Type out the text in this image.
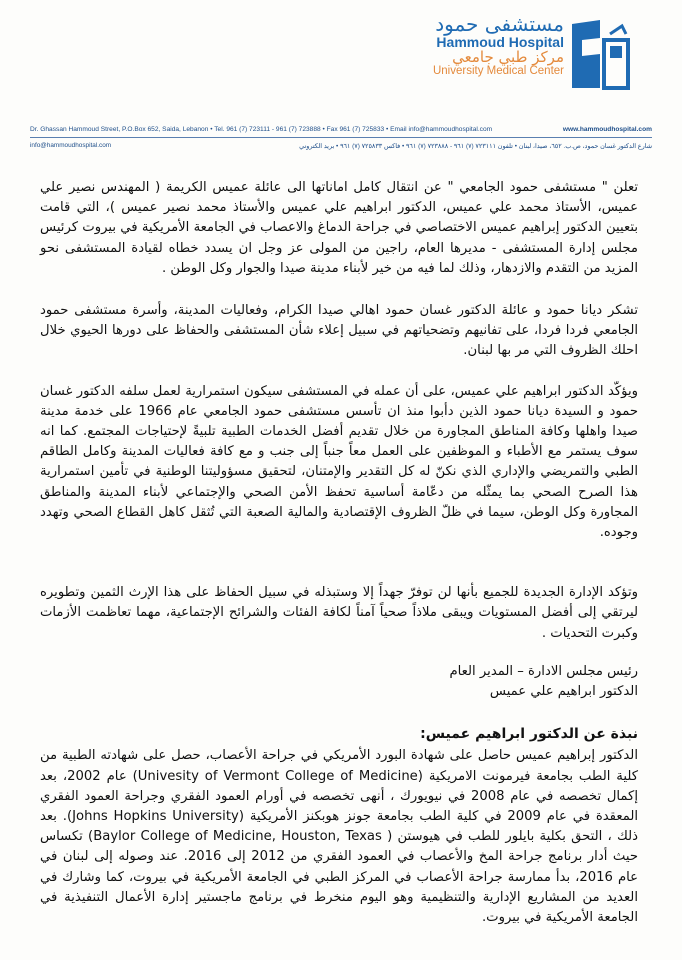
مستشفى حمود
Hammoud Hospital
مركز طبي جامعي
University Medical Center
Dr. Ghassan Hammoud Street, P.O.Box 652, Saida, Lebanon • Tel. 961 (7) 723111 - 961 (7) 723888 • Fax 961 (7) 725833 • Email info@hammoudhospital.com	www.hammoudhospital.com
info@hammoudhospital.com	شارع الدكتور غسان حمود، ص.ب. ٦٥٢، صيدا، لبنان • تلفون ٧٢٣١١١ (٧) ٩٦١ - ٧٢٣٨٨٨ (٧) ٩٦١ • فاكس ٧٢٥٨٣٣ (٧) ٩٦١ • بريد الكتروني

تعلن " مستشفى حمود الجامعي " عن انتقال كامل اماناتها الى عائلة عميس الكريمة ( المهندس نصير علي عميس، الأستاذ محمد علي عميس، الدكتور ابراهيم علي عميس والأستاذ محمد نصير عميس )، التي قامت بتعيين الدكتور إبراهيم عميس الاختصاصي في جراحة الدماغ والاعصاب في الجامعة الأمريكية في بيروت كرئيس مجلس إدارة المستشفى - مديرها العام، راجين من المولى عز وجل ان يسدد خطاه لقيادة المستشفى نحو المزيد من التقدم والازدهار، وذلك لما فيه من خير لأبناء مدينة صيدا والجوار وكل الوطن .

تشكر ديانا حمود و عائلة الدكتور غسان حمود اهالي صيدا الكرام، وفعاليات المدينة، وأسرة مستشفى حمود الجامعي فردا فردا، على تفانيهم وتضحياتهم في سبيل إعلاء شأن المستشفى والحفاظ على دورها الحيوي خلال احلك الظروف التي مر بها لبنان.

ويؤكّد الدكتور ابراهيم علي عميس، على أن عمله في المستشفى سيكون استمرارية لعمل سلفه الدكتور غسان حمود و السيدة ديانا حمود الذين دأبوا منذ ان تأسس مستشفى حمود الجامعي عام 1966 على خدمة مدينة صيدا واهلها وكافة المناطق المجاورة من خلال تقديم أفضل الخدمات الطبية تلبيةً لإحتياجات المجتمع. كما انه سوف يستمر مع الأطباء و الموظفين على العمل معاً جنباً إلى جنب و مع كافة فعاليات المدينة وكامل الطاقم الطبي والتمريضي والإداري الذي نكنّ له كل التقدير والإمتنان، لتحقيق مسؤوليتنا الوطنية في تأمين استمرارية هذا الصرح الصحي بما يمثّله من دعّامة أساسية تحفظ الأمن الصحي والإجتماعي لأبناء المدينة والمناطق المجاورة وكل الوطن، سيما في ظلّ الظروف الإقتصادية والمالية الصعبة التي تُثقل كاهل القطاع الصحي وتهدد وجوده.

وتؤكد الإدارة الجديدة للجميع بأنها لن توفرّ جهداً إلا وستبذله في سبيل الحفاظ على هذا الإرث الثمين وتطويره ليرتقي إلى أفضل المستويات ويبقى ملاذاً صحياً آمناً لكافة الفئات والشرائح الإجتماعية، مهما تعاظمت الأزمات وكبرت التحديات .

رئيس مجلس الادارة – المدير العام

الدكتور ابراهيم علي عميس

نبذة عن الدكتور ابراهيم عميس:

الدكتور إبراهيم عميس حاصل على شهادة البورد الأمريكي في جراحة الأعصاب، حصل على شهادته الطبية من كلية الطب بجامعة فيرمونت الامريكية (Univesity of Vermont College of Medicine) عام 2002، بعد إكمال تخصصه في عام 2008 في نيويورك ، أنهى تخصصه في أورام العمود الفقري وجراحة العمود الفقري المعقدة في عام 2009 في كلية الطب بجامعة جونز هوبكنز الأمريكية (Johns Hopkins University). بعد ذلك ، التحق بكلية بايلور للطب في هيوستن ( Baylor College of Medicine, Houston, Texas) تكساس حيث أدار برنامج جراحة المخ والأعصاب في العمود الفقري من 2012 إلى 2016. عند وصوله إلى لبنان في عام 2016، بدأ ممارسة جراحة الأعصاب في المركز الطبي في الجامعة الأمريكية في بيروت، كما وشارك في العديد من المشاريع الإدارية والتنظيمية وهو اليوم منخرط في برنامج ماجستير إدارة الأعمال التنفيذية في الجامعة الأمريكية في بيروت.
